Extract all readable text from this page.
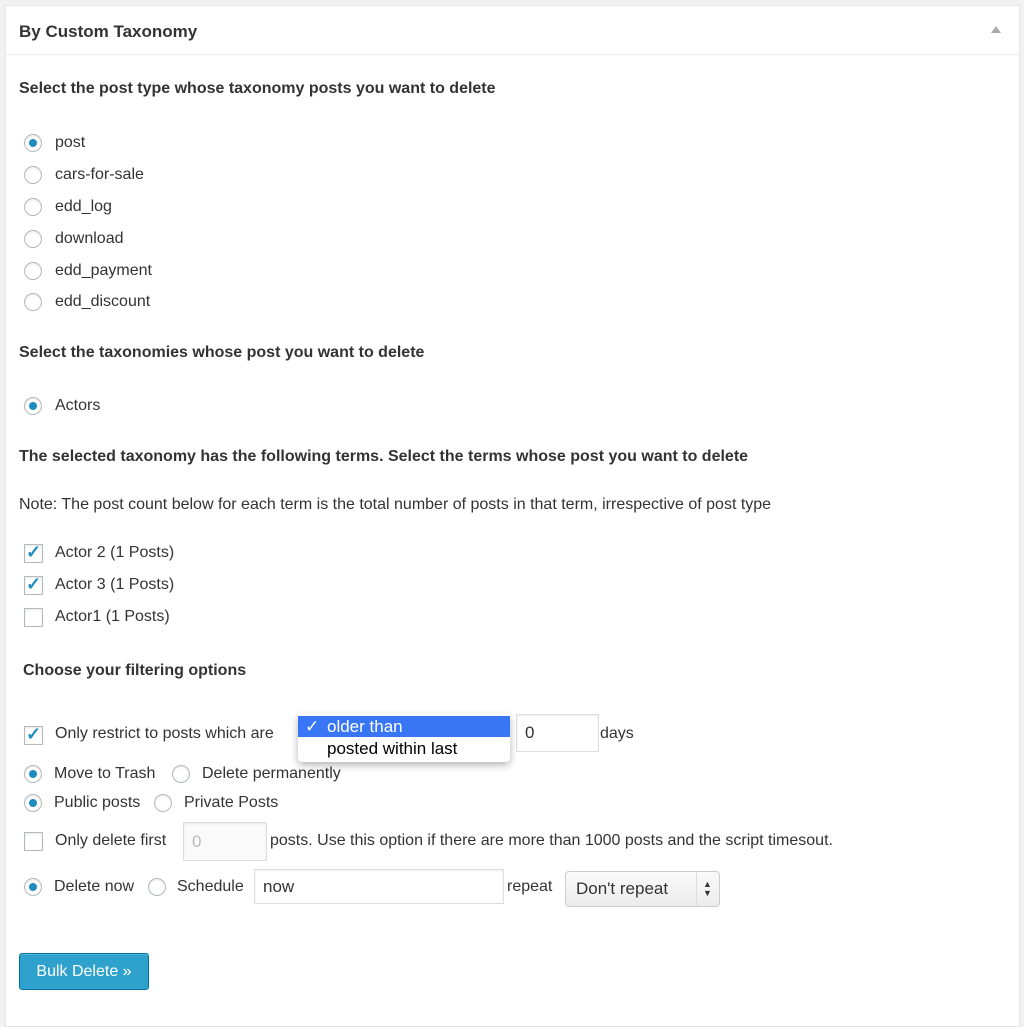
By Custom Taxonomy
Select the post type whose taxonomy posts you want to delete
post
cars-for-sale
edd_log
download
edd_payment
edd_discount
Select the taxonomies whose post you want to delete
Actors
The selected taxonomy has the following terms. Select the terms whose post you want to delete
Note: The post count below for each term is the total number of posts in that term, irrespective of post type
✓
Actor 2 (1 Posts)
✓
Actor 3 (1 Posts)
Actor1 (1 Posts)
Choose your filtering options
✓
Only restrict to posts which are ✓ older than
posted within last
0	days
Move to Trash	Delete permanently
Public posts	Private Posts
Only delete first	0	posts. Use this option if there are more than 1000 posts and the script timesout.
Delete now	Schedule	now	repeat Don't repeat	▲
▼
Bulk Delete »
